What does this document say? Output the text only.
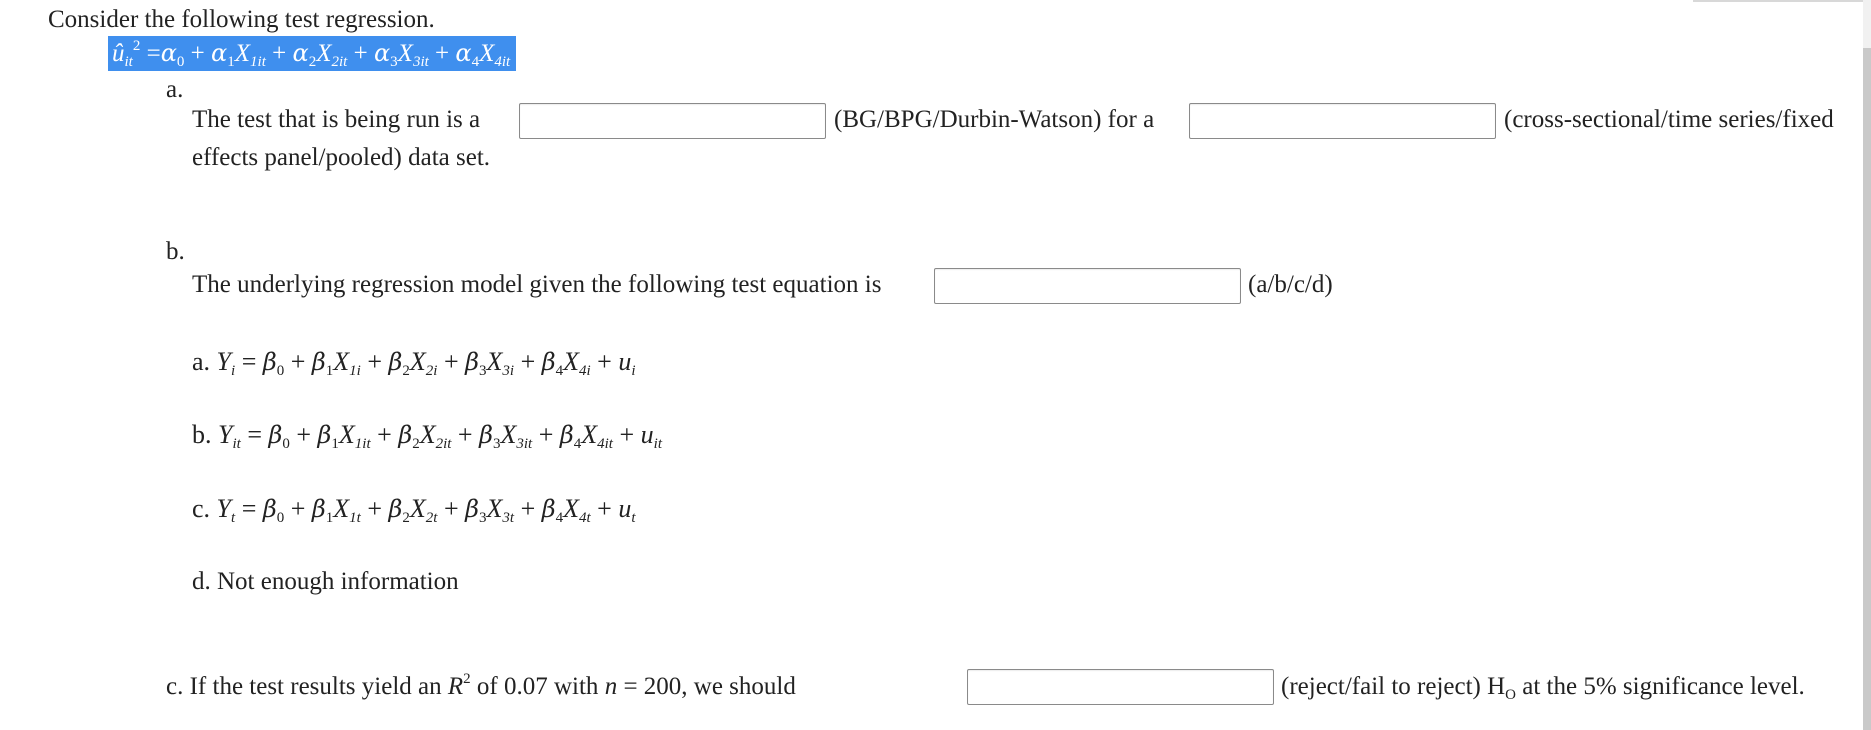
Consider the following test regression.
$û_{it}^2 =\alpha_0 + \alpha_1X_{1it} + \alpha_2X_{2it} + \alpha_3X_{3it} + \alpha_4X_{4it}$
a.
The test that is being run is a	(BG/BPG/Durbin-Watson) for a	(cross-sectional/time series/fixed
effects panel/pooled) data set.
b.
The underlying regression model given the following test equation is	(a/b/c/d)
a. $Y_i = \beta_0 + \beta_1X_{1i} + \beta_2X_{2i} + \beta_3X_{3i} + \beta_4X_{4i} + u_i$
b. $Y_{it} = \beta_0 + \beta_1X_{1it} + \beta_2X_{2it} + \beta_3X_{3it} + \beta_4X_{4it} + u_{it}$
c. $Y_t = \beta_0 + \beta_1X_{1t} + \beta_2X_{2t} + \beta_3X_{3t} + \beta_4X_{4t} + u_t$
d. Not enough information
c. If the test results yield an $R^2$ of 0.07 with n = 200, we should	(reject/fail to reject) $H_O$ at the 5% significance level.
